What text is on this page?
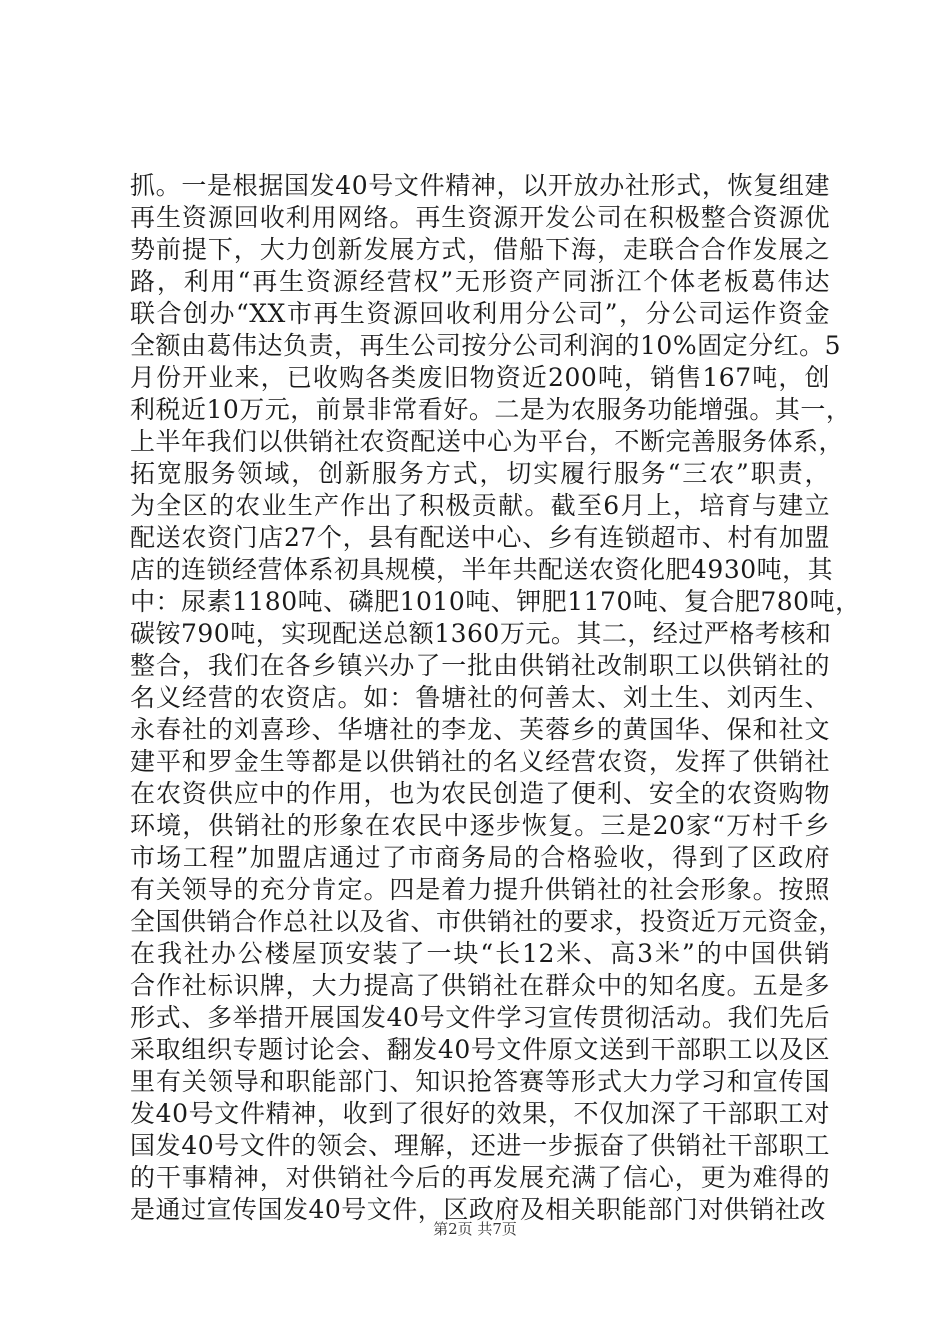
抓。一是根据国发40号文件精神，以开放办社形式，恢复组建
再生资源回收利用网络。再生资源开发公司在积极整合资源优
势前提下，大力创新发展方式，借船下海，走联合合作发展之
路，利用“再生资源经营权”无形资产同浙江个体老板葛伟达
联合创办“XX市再生资源回收利用分公司”，分公司运作资金
全额由葛伟达负责，再生公司按分公司利润的10%固定分红。5
月份开业来，已收购各类废旧物资近200吨，销售167吨，创
利税近10万元，前景非常看好。二是为农服务功能增强。其一，
上半年我们以供销社农资配送中心为平台，不断完善服务体系，
拓宽服务领域，创新服务方式，切实履行服务“三农”职责，
为全区的农业生产作出了积极贡献。截至6月上，培育与建立
配送农资门店27个，县有配送中心、乡有连锁超市、村有加盟
店的连锁经营体系初具规模，半年共配送农资化肥4930吨，其
中：尿素1180吨、磷肥1010吨、钾肥1170吨、复合肥780吨，
碳铵790吨，实现配送总额1360万元。其二，经过严格考核和
整合，我们在各乡镇兴办了一批由供销社改制职工以供销社的
名义经营的农资店。如：鲁塘社的何善太、刘土生、刘丙生、
永春社的刘喜珍、华塘社的李龙、芙蓉乡的黄国华、保和社文
建平和罗金生等都是以供销社的名义经营农资，发挥了供销社
在农资供应中的作用，也为农民创造了便利、安全的农资购物
环境，供销社的形象在农民中逐步恢复。三是20家“万村千乡
市场工程”加盟店通过了市商务局的合格验收，得到了区政府
有关领导的充分肯定。四是着力提升供销社的社会形象。按照
全国供销合作总社以及省、市供销社的要求，投资近万元资金，
在我社办公楼屋顶安装了一块“长12米、高3米”的中国供销
合作社标识牌，大力提高了供销社在群众中的知名度。五是多
形式、多举措开展国发40号文件学习宣传贯彻活动。我们先后
采取组织专题讨论会、翻发40号文件原文送到干部职工以及区
里有关领导和职能部门、知识抢答赛等形式大力学习和宣传国
发40号文件精神，收到了很好的效果，不仅加深了干部职工对
国发40号文件的领会、理解，还进一步振奋了供销社干部职工
的干事精神，对供销社今后的再发展充满了信心，更为难得的
是通过宣传国发40号文件，区政府及相关职能部门对供销社改
第2页 共7页
